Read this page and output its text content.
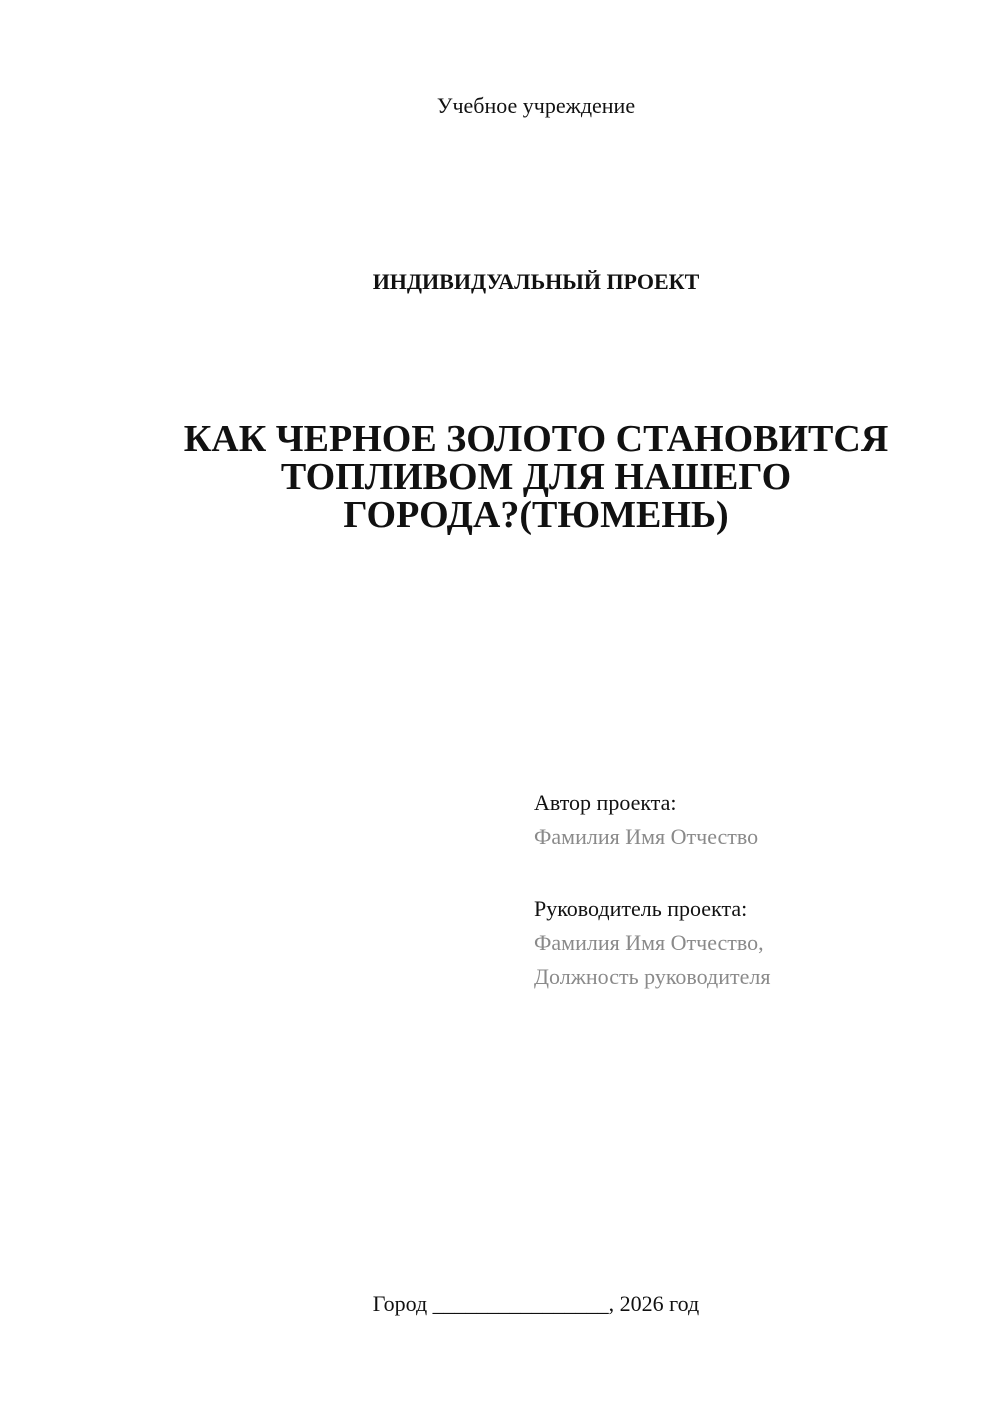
Учебное учреждение
ИНДИВИДУАЛЬНЫЙ ПРОЕКТ
КАК ЧЕРНОЕ ЗОЛОТО СТАНОВИТСЯ
ТОПЛИВОМ ДЛЯ НАШЕГО
ГОРОДА?(ТЮМЕНЬ)
Автор проекта:
Фамилия Имя Отчество
Руководитель проекта:
Фамилия Имя Отчество,
Должность руководителя
Город ________________, 2026 год
